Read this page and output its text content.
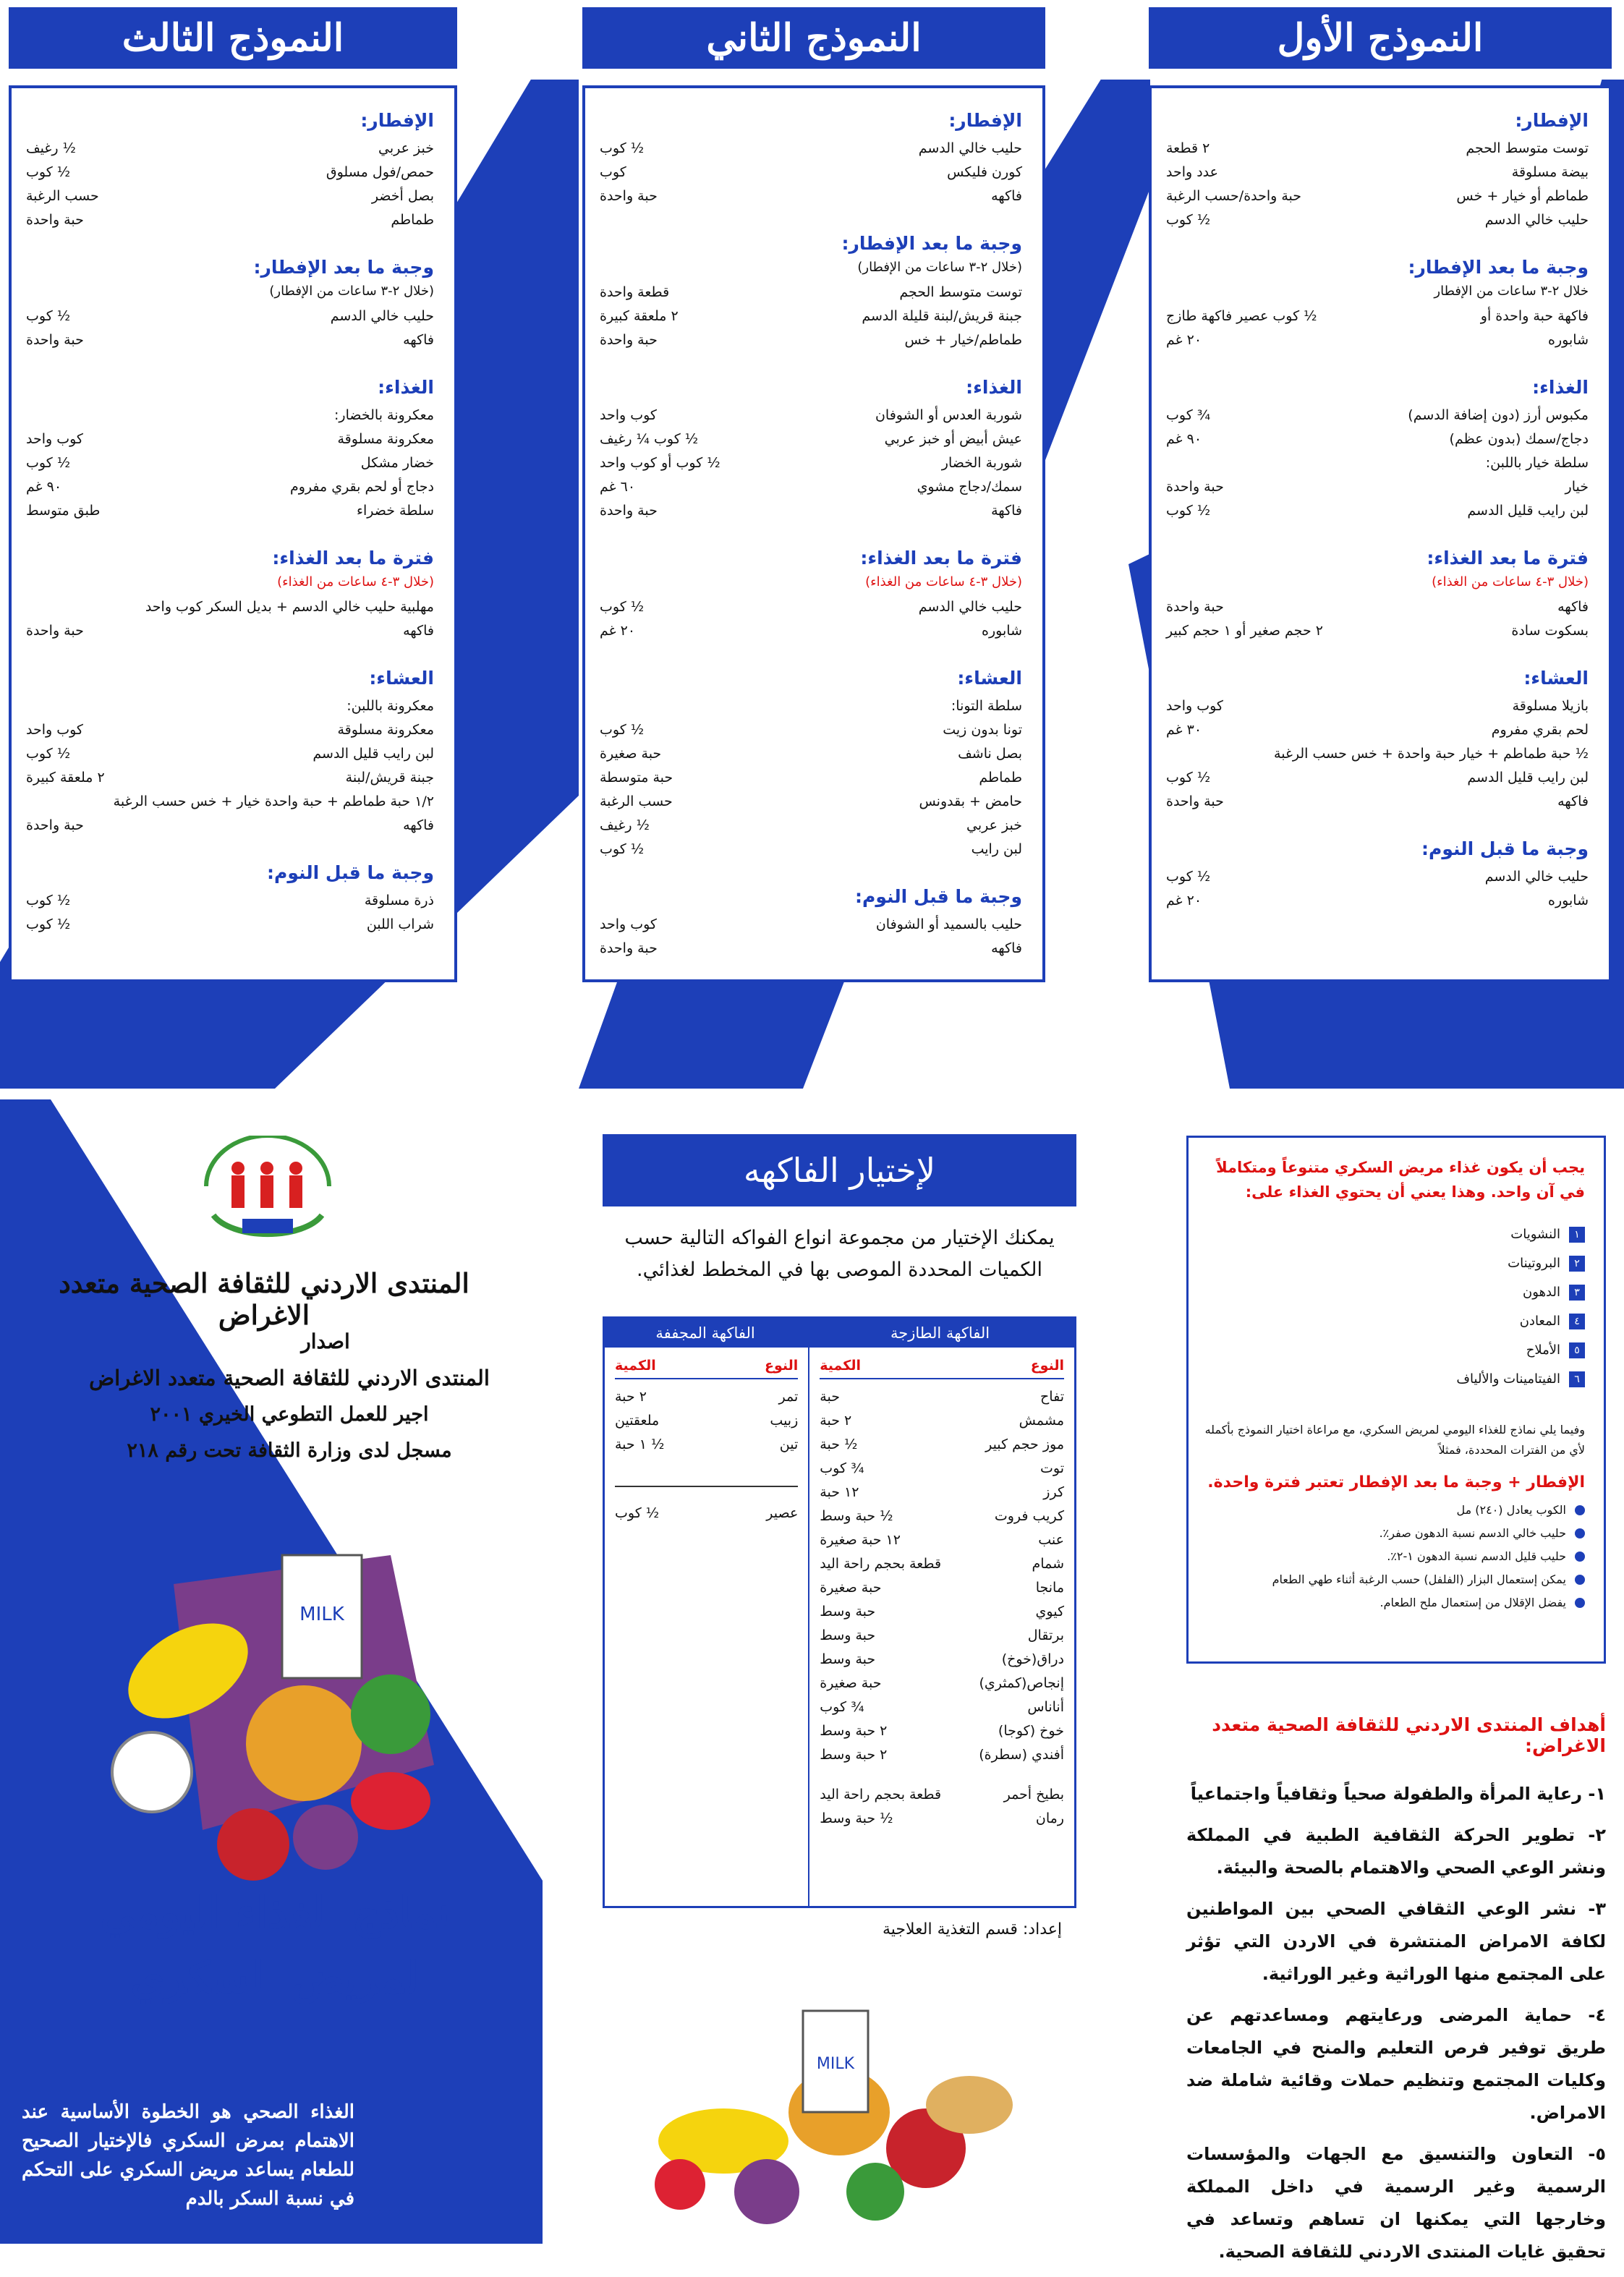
النموذج الأول
النموذج الثاني
النموذج الثالث
الإفطار:
توست متوسط الحجم
٢ قطعة
بيضة مسلوقة
عدد واحد
طماطم أو خيار + خس
حبة واحدة/حسب الرغبة
حليب خالي الدسم
½ كوب
وجبة ما بعد الإفطار:
خلال ٢-٣ ساعات من الإفطار
فاكهة حبة واحدة أو
½ كوب عصير فاكهة طازج
شابوره
٢٠ غم
الغذاء:
مكبوس أرز (دون إضافة الدسم)
¾ كوب
دجاج/سمك (بدون عظم)
٩٠ غم
سلطة خيار باللبن:
خيار
حبة واحدة
لبن رايب قليل الدسم
½ كوب
فترة ما بعد الغذاء:
(خلال ٣-٤ ساعات من الغذاء)
فاكهه
حبة واحدة
بسكوت سادة
٢ حجم صغير أو ١ حجم كبير
العشاء:
بازيلا مسلوقة
كوب واحد
لحم بقري مفروم
٣٠ غم
½ حبة طماطم + خيار حبة واحدة + خس حسب الرغبة
لبن رايب قليل الدسم
½ كوب
فاكهه
حبة واحدة
وجبة ما قبل النوم:
حليب خالي الدسم
½ كوب
شابوره
٢٠ غم
الإفطار:
حليب خالي الدسم
½ كوب
كورن فليكس
كوب
فاكهه
حبة واحدة
وجبة ما بعد الإفطار:
(خلال ٢-٣ ساعات من الإفطار)
توست متوسط الحجم
قطعة واحدة
جبنة قريش/لبنة قليلة الدسم
٢ ملعقة كبيرة
طماطم/خيار + خس
حبة واحدة
الغذاء:
شوربة العدس أو الشوفان
كوب واحد
عيش أبيض أو خبز عربي
½ كوب ¼ رغيف
شوربة الخضار
½ كوب أو كوب واحد
سمك/دجاج مشوي
٦٠ غم
فاكهة
حبة واحدة
فترة ما بعد الغذاء:
(خلال ٣-٤ ساعات من الغذاء)
حليب خالي الدسم
½ كوب
شابوره
٢٠ غم
العشاء:
سلطة التونا:
تونا بدون زيت
½ كوب
بصل ناشف
حبة صغيرة
طماطم
حبة متوسطة
حامض + بقدونس
حسب الرغبة
خبز عربي
½ رغيف
لبن رايب
½ كوب
وجبة ما قبل النوم:
حليب بالسميد أو الشوفان
كوب واحد
فاكهه
حبة واحدة
الإفطار:
خبز عربي
½ رغيف
حمص/فول مسلوق
½ كوب
بصل أخضر
حسب الرغبة
طماطم
حبة واحدة
وجبة ما بعد الإفطار:
(خلال ٢-٣ ساعات من الإفطار)
حليب خالي الدسم
½ كوب
فاكهه
حبة واحدة
الغذاء:
معكرونة بالخضار:
معكرونة مسلوقة
كوب واحد
خضار مشكل
½ كوب
دجاج أو لحم بقري مفروم
٩٠ غم
سلطة خضراء
طبق متوسط
فترة ما بعد الغذاء:
(خلال ٣-٤ ساعات من الغذاء)
مهلبية حليب خالي الدسم + بديل السكر كوب واحد
فاكهه
حبة واحدة
العشاء:
معكرونة باللبن:
معكرونة مسلوقة
كوب واحد
لبن رايب قليل الدسم
½ كوب
جبنة قريش/لبنة
٢ ملعقة كبيرة
١/٢ حبة طماطم + حبة واحدة خيار + خس حسب الرغبة
فاكهه
حبة واحدة
وجبة ما قبل النوم:
ذرة مسلوقة
½ كوب
شراب اللبن
½ كوب
يجب أن يكون غذاء مريض السكري متنوعاً ومتكاملاً في آن واحد. وهذا يعني أن يحتوي الغذاء على:
١
النشويات
٢
البروتينات
٣
الدهون
٤
المعادن
٥
الأملاح
٦
الفيتامينات والألياف
وفيما يلي نماذج للغذاء اليومي لمريض السكري، مع مراعاة اختيار النموذج بأكمله لأي من الفترات المحددة، فمثلاً
الإفطار + وجبة ما بعد الإفطار تعتبر فترة واحدة.
الكوب يعادل (٢٤٠) مل
حليب خالي الدسم نسبة الدهون صفر٪.
حليب قليل الدسم نسبة الدهون ١-٢٪.
يمكن إستعمال البزار (الفلفل) حسب الرغبة أثناء طهي الطعام
يفضل الإقلال من إستعمال ملح الطعام.
أهداف المنتدى الاردني للثقافة الصحية متعدد الاغراض:
١- رعاية المرأة والطفولة صحياً وثقافياً واجتماعياً
٢- تطوير الحركة الثقافية الطبية في المملكة ونشر الوعي الصحي والاهتمام بالصحة والبيئة.
٣- نشر الوعي الثقافي الصحي بين المواطنين لكافة الامراض المنتشرة في الاردن التي تؤثر على المجتمع منها الوراثية وغير الوراثية.
٤- حماية المرضى ورعايتهم ومساعدتهم عن طريق توفير فرص التعليم والمنح في الجامعات وكليات المجتمع وتنظيم حملات وقائية شاملة ضد الامراض.
٥- التعاون والتنسيق مع الجهات والمؤسسات الرسمية وغير الرسمية في داخل المملكة وخارجها التي يمكنها ان تساهم وتساعد في تحقيق غايات المنتدى الاردني للثقافة الصحية.
لإختيار الفاكهه
يمكنك الإختيار من مجموعة انواع الفواكه التالية حسب الكميات المحددة الموصى بها في المخطط لغذائي.
الفاكهة الطازجة
الفاكهة المجففة
النوع
الكمية
تفاح
حبة
مشمش
٢ حبة
موز حجم كبير
½ حبة
توت
¾ كوب
كرز
١٢ حبة
كريب فروت
½ حبة وسط
عنب
١٢ حبة صغيرة
شمام
قطعة بحجم راحة اليد
مانجا
حبة صغيرة
كيوي
حبة وسط
برتقال
حبة وسط
دراق(خوخ)
حبة وسط
إنجاص(كمثري)
حبة صغيرة
أناناس
¾ كوب
خوخ (كوجا)
٢ حبة وسط
أفندي (سطرة)
٢ حبة وسط
بطيخ أحمر
قطعة بحجم راحة اليد
رمان
½ حبة وسط
النوع
الكمية
تمر
٢ حبة
زبيب
ملعقتين
تين
½ ١ حبة
عصير
½ كوب
إعداد: قسم التغذية العلاجية
MILK
المنتدى الاردني للثقافة الصحية متعدد الاغراض
اصدار
المنتدى الاردني للثقافة الصحية متعدد الاغراض
اجير للعمل التطوعي الخيري ٢٠٠١
مسجل لدى وزارة الثقافة تحت رقم ٢١٨
MILK
نماذج الغذاء اليومي
لمريض السكري
الغذاء الصحي هو الخطوة الأساسية عند الاهتمام بمرض السكري فالإختيار الصحيح للطعام يساعد مريض السكري على التحكم في نسبة السكر بالدم
